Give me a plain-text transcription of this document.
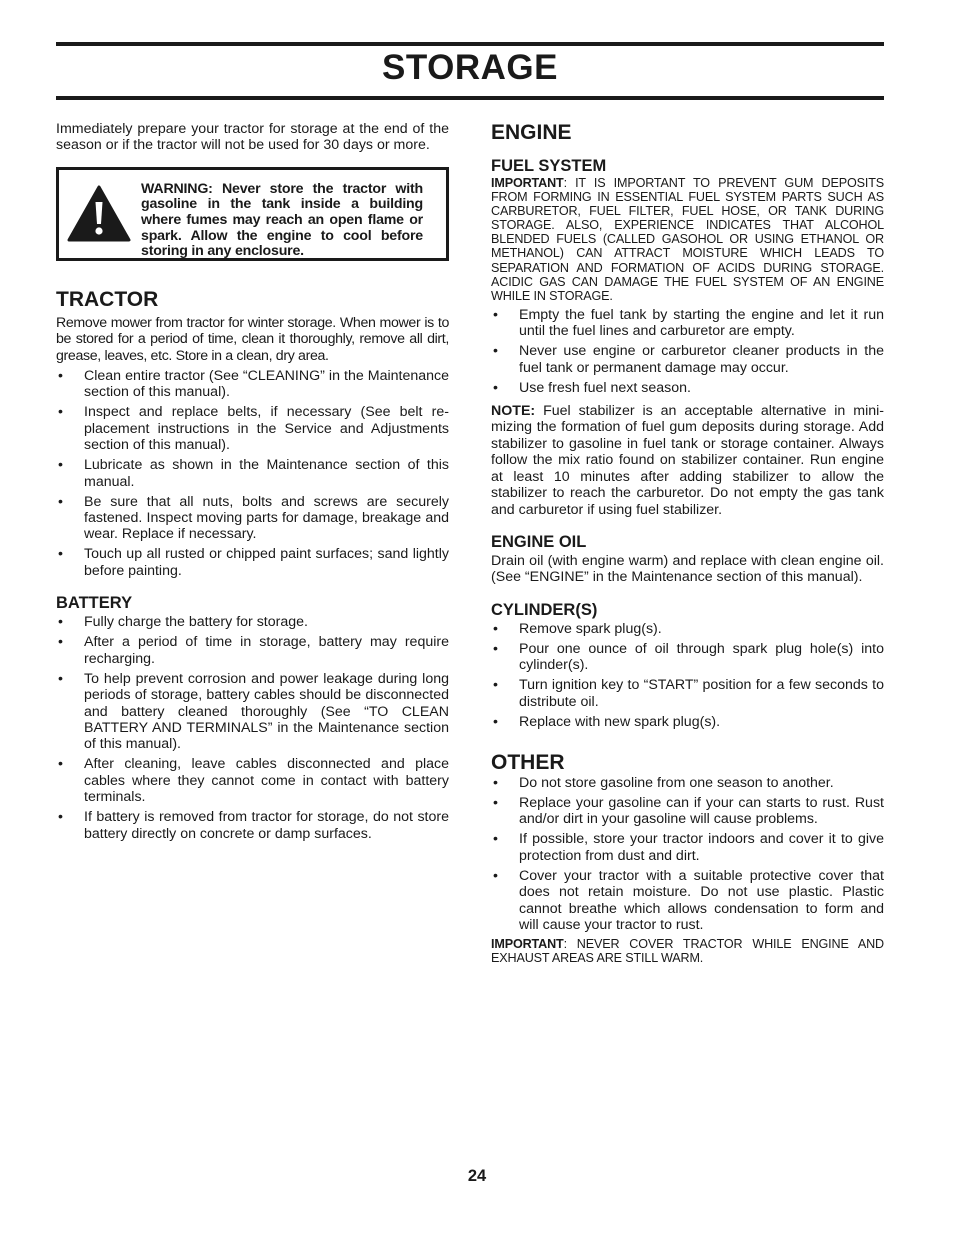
STORAGE

Immediately prepare your tractor for storage at the end of the season or if the tractor will not be used for 30 days or more.

WARNING: Never store the tractor with gasoline in the tank inside a building where fumes may reach an open flame or spark. Allow the engine to cool before storing in any enclosure.
TRACTOR

Remove mower from tractor for winter storage. When mower is to be stored for a period of time, clean it thoroughly, remove all dirt, grease, leaves, etc. Store in a clean, dry area.

• Clean entire tractor (See “CLEANING” in the Maintenance section of this manual).
• Inspect and replace belts, if necessary (See belt replacement instructions in the Service and Adjustments section of this manual).
• Lubricate as shown in the Maintenance section of this manual.
• Be sure that all nuts, bolts and screws are securely fastened. Inspect moving parts for damage, breakage and wear. Replace if necessary.
• Touch up all rusted or chipped paint surfaces; sand lightly before painting.
BATTERY
• Fully charge the battery for storage.
• After a period of time in storage, battery may require recharging.
• To help prevent corrosion and power leakage during long periods of storage, battery cables should be disconnected and battery cleaned thoroughly (See “TO CLEAN BATTERY AND TERMINALS” in the Maintenance section of this manual).
• After cleaning, leave cables disconnected and place cables where they cannot come in contact with battery terminals.
• If battery is removed from tractor for storage, do not store battery directly on concrete or damp surfaces.
ENGINE
FUEL SYSTEM

IMPORTANT: IT IS IMPORTANT TO PREVENT GUM DEPOSITS FROM FORMING IN ESSENTIAL FUEL SYSTEM PARTS SUCH AS CARBURETOR, FUEL FILTER, FUEL HOSE, OR TANK DURING STORAGE. ALSO, EXPERIENCE INDICATES THAT ALCOHOL BLENDED FUELS (CALLED GASOHOL OR USING ETHANOL OR METHANOL) CAN ATTRACT MOISTURE WHICH LEADS TO SEPARATION AND FORMATION OF ACIDS DURING STORAGE. ACIDIC GAS CAN DAMAGE THE FUEL SYSTEM OF AN ENGINE WHILE IN STORAGE.

• Empty the fuel tank by starting the engine and let it run until the fuel lines and carburetor are empty.
• Never use engine or carburetor cleaner products in the fuel tank or permanent damage may occur.
• Use fresh fuel next season.

NOTE: Fuel stabilizer is an acceptable alternative in minimizing the formation of fuel gum deposits during storage. Add stabilizer to gasoline in fuel tank or storage container. Always follow the mix ratio found on stabilizer container. Run engine at least 10 minutes after adding stabilizer to allow the stabilizer to reach the carburetor. Do not empty the gas tank and carburetor if using fuel stabilizer.

ENGINE OIL

Drain oil (with engine warm) and replace with clean engine oil. (See “ENGINE” in the Maintenance section of this manual).

CYLINDER(S)
• Remove spark plug(s).
• Pour one ounce of oil through spark plug hole(s) into cylinder(s).
• Turn ignition key to “START” position for a few seconds to distribute oil.
• Replace with new spark plug(s).
OTHER
• Do not store gasoline from one season to another.
• Replace your gasoline can if your can starts to rust. Rust and/or dirt in your gasoline will cause problems.
• If possible, store your tractor indoors and cover it to give protection from dust and dirt.
• Cover your tractor with a suitable protective cover that does not retain moisture. Do not use plastic. Plastic cannot breathe which allows condensation to form and will cause your tractor to rust.

IMPORTANT: NEVER COVER TRACTOR WHILE ENGINE AND EXHAUST AREAS ARE STILL WARM.

24
